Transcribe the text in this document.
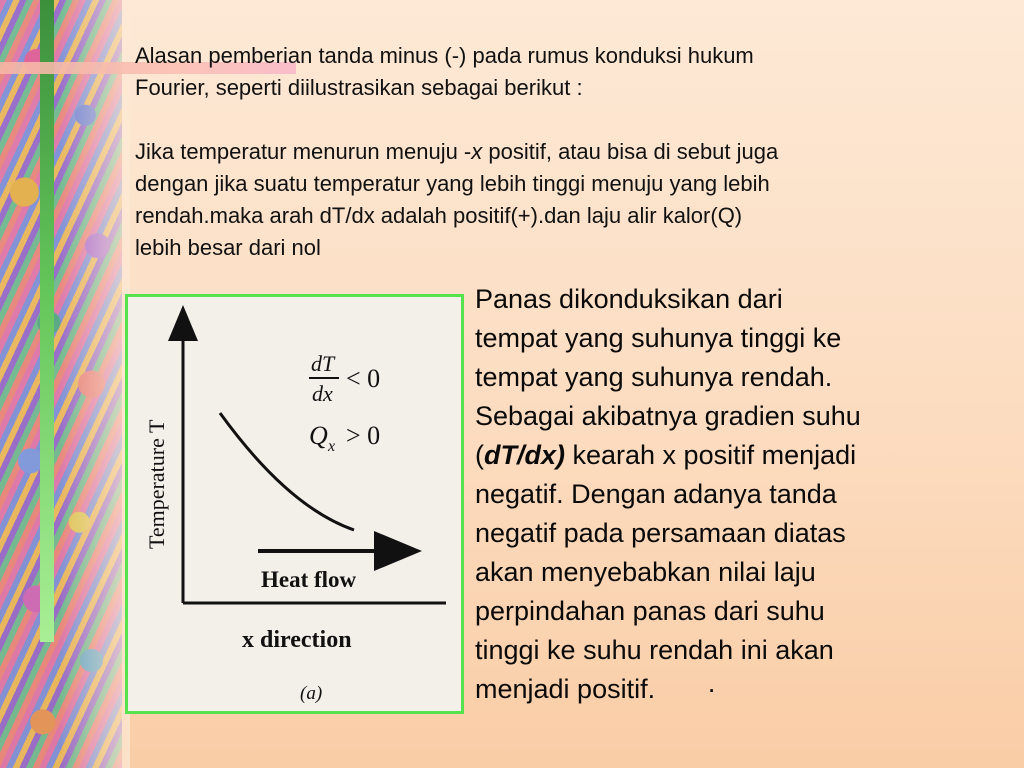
Alasan pemberian tanda minus (-) pada rumus konduksi hukum

Fourier, seperti diilustrasikan sebagai berikut :

Jika temperatur menurun menuju -x positif, atau bisa di sebut juga

dengan jika suatu temperatur yang lebih tinggi menuju yang lebih

rendah.maka arah dT/dx adalah positif(+).dan laju alir kalor(Q)

lebih besar dari nol

Temperature T
dT
dx
< 0
Q x > 0
Heat flow
x direction
(a)

Panas dikonduksikan dari

tempat yang suhunya tinggi ke

tempat yang suhunya rendah.

Sebagai akibatnya gradien suhu

(dT/dx) kearah x positif menjadi

negatif. Dengan adanya tanda

negatif pada persamaan diatas

akan menyebabkan nilai laju

perpindahan panas dari suhu

tinggi ke suhu rendah ini akan

menjadi positif. ·
